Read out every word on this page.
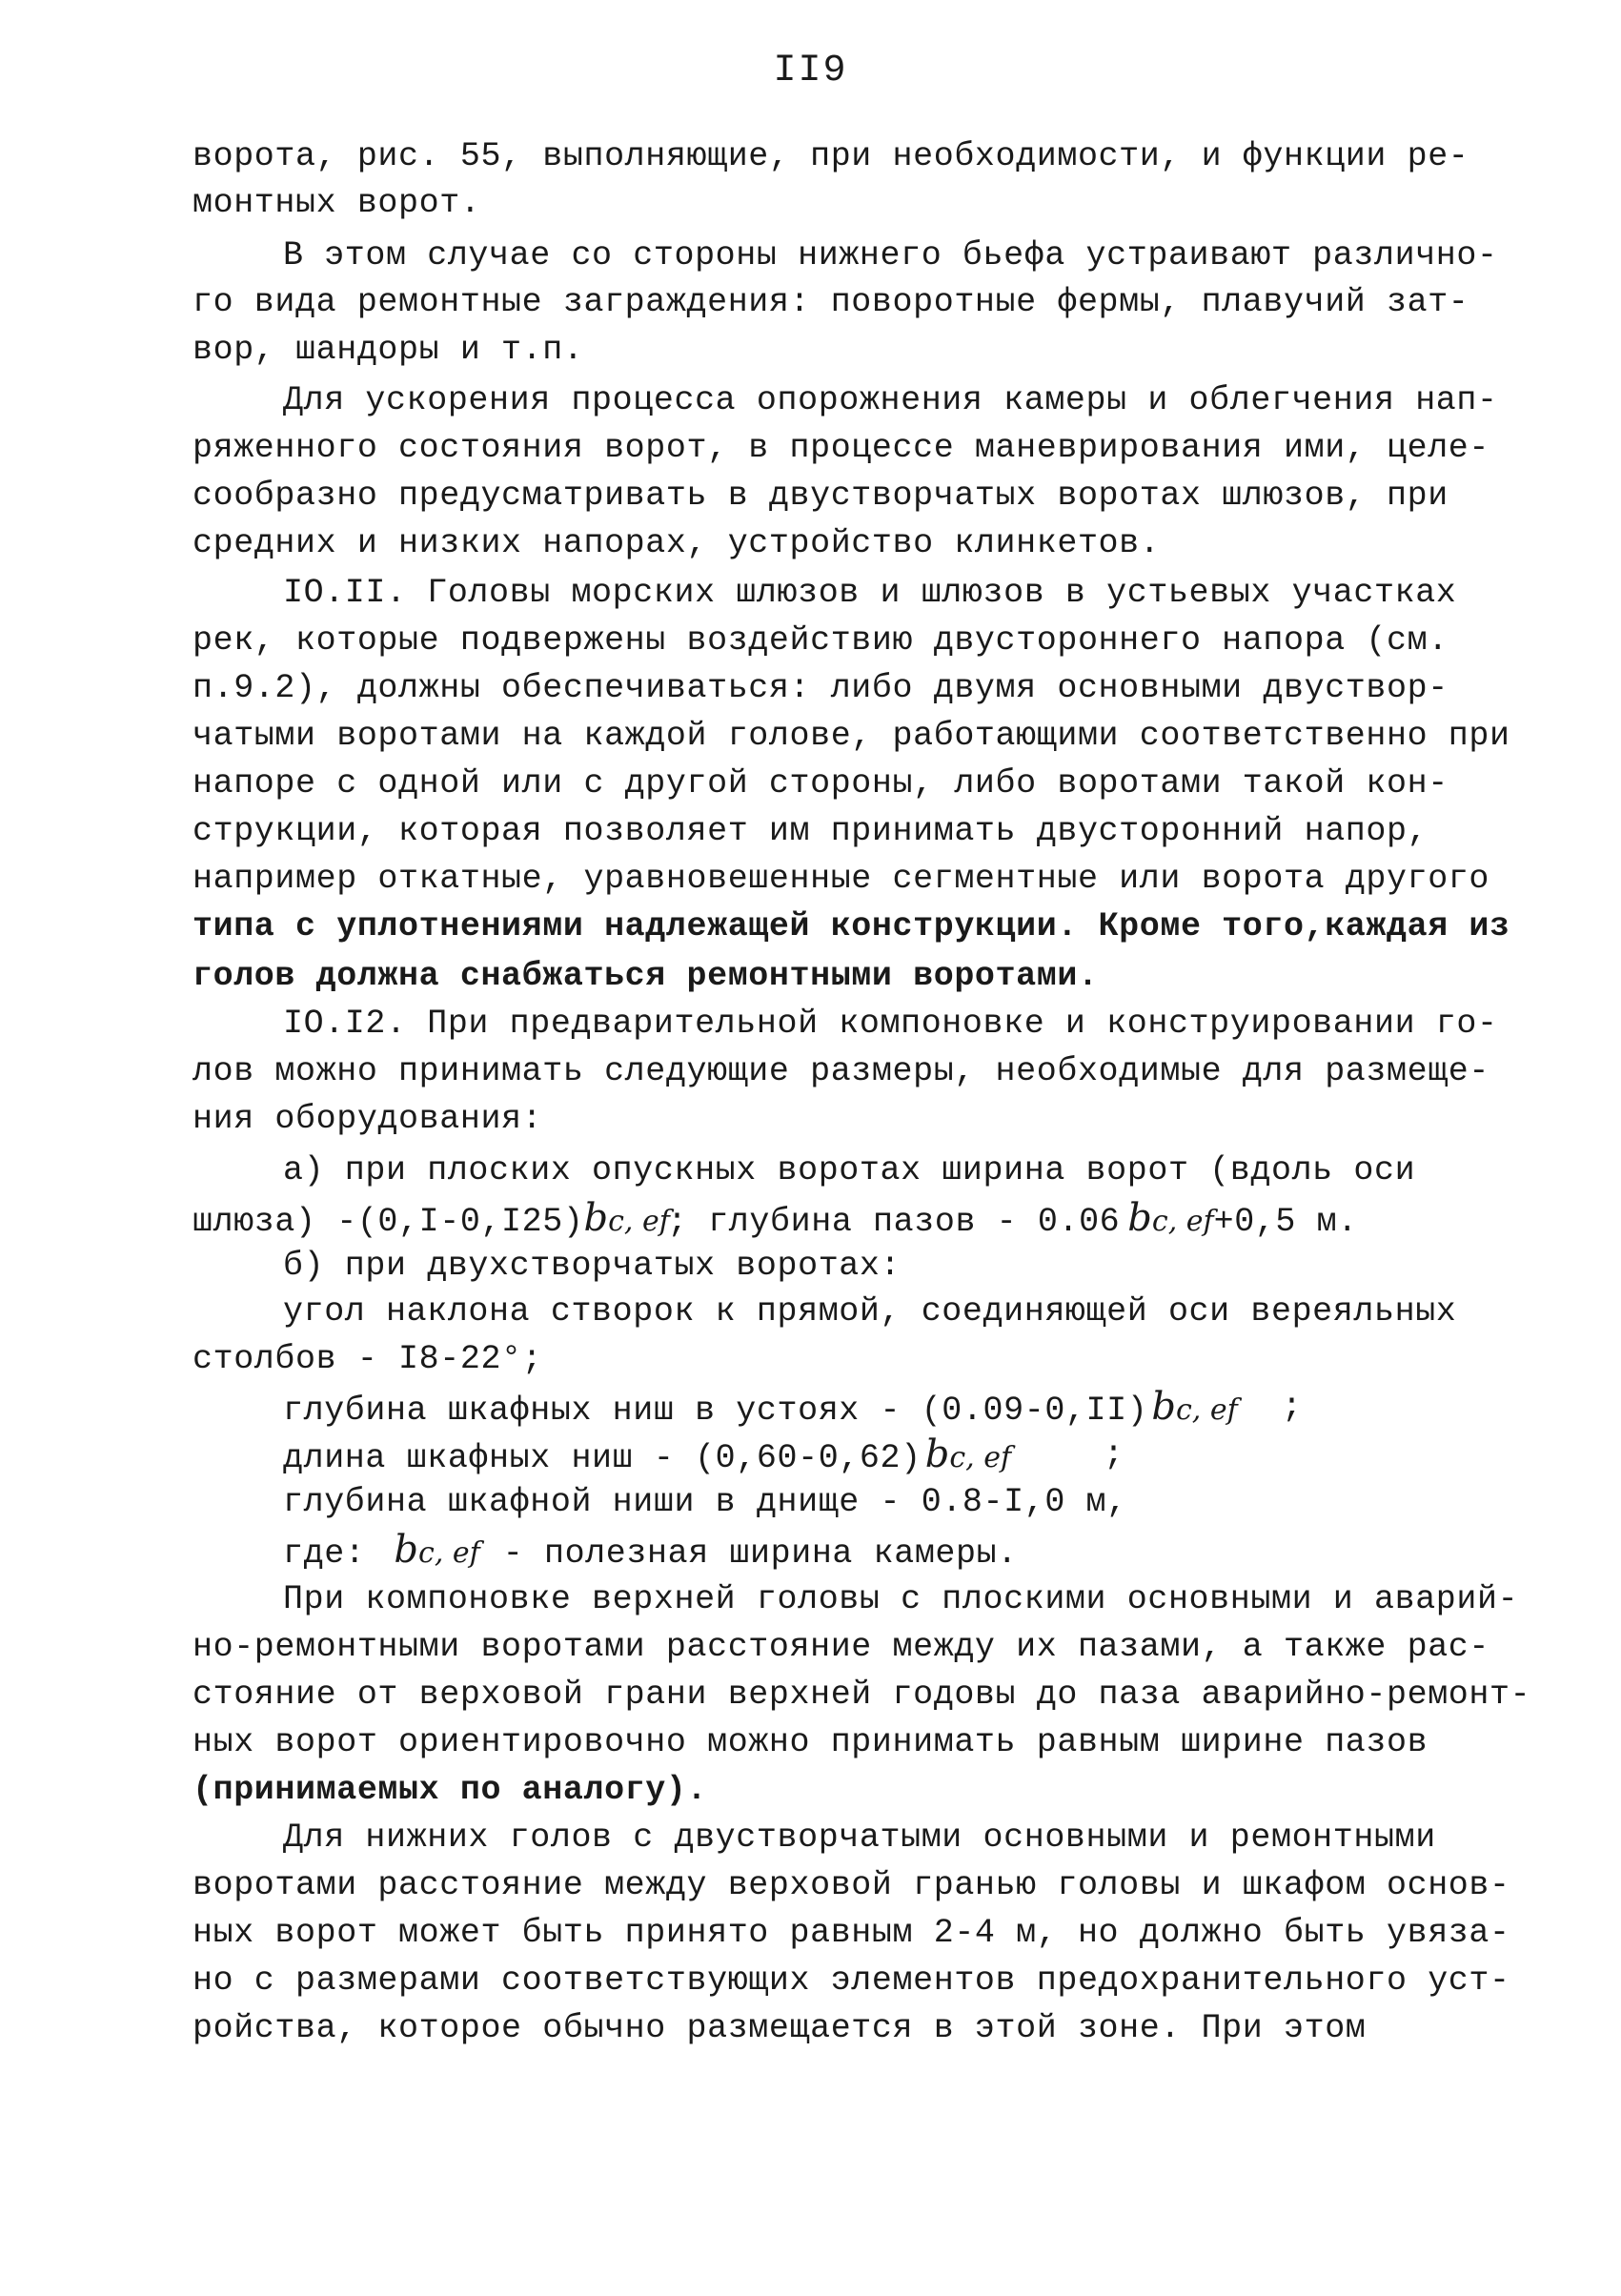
II9
ворота, рис. 55, выполняющие, при необходимости, и функции ре-
монтных ворот.
В этом случае со стороны нижнего бьефа устраивают различно-
го вида ремонтные заграждения: поворотные фермы, плавучий зат-
вор, шандоры и т.п.
Для ускорения процесса опорожнения камеры и облегчения нап-
ряженного состояния ворот, в процессе маневрирования ими, целе-
сообразно предусматривать в двустворчатых воротах шлюзов, при
средних и низких напорах, устройство клинкетов.
IO.II. Головы морских шлюзов и шлюзов в устьевых участках
рек, которые подвержены воздействию двустороннего напора (см.
п.9.2), должны обеспечиваться: либо двумя основными двуствор-
чатыми воротами на каждой голове, работающими соответственно при
напоре с одной или с другой стороны, либо воротами такой кон-
струкции, которая позволяет им принимать двусторонний напор,
например откатные, уравновешенные сегментные или ворота другого
типа с уплотнениями надлежащей конструкции. Кроме того,каждая из
голов должна снабжаться ремонтными воротами.
IO.I2. При предварительной компоновке и конструировании го-
лов можно принимать следующие размеры, необходимые для размеще-
ния оборудования:
а) при плоских опускных воротах ширина ворот (вдоль оси
шлюза) -(0,I-0,I25)bc, ef
; глубина пазов - 0.06 bc, ef+0,5 м.
б) при двухстворчатых воротах:
угол наклона створок к прямой, соединяющей оси вереяльных
столбов - I8-22°;
глубина шкафных ниш в устоях - (0.09-0,II) bc, ef ;
длина шкафных ниш - (0,60-0,62) bc, ef	;
глубина шкафной ниши в днище - 0.8-I,0 м,
где: bc, ef - полезная ширина камеры.
При компоновке верхней головы с плоскими основными и аварий-
но-ремонтными воротами расстояние между их пазами, а также рас-
стояние от верховой грани верхней годовы до паза аварийно-ремонт-
ных ворот ориентировочно можно принимать равным ширине пазов
(принимаемых по аналогу).
Для нижних голов с двустворчатыми основными и ремонтными
воротами расстояние между верховой гранью головы и шкафом основ-
ных ворот может быть принято равным 2-4 м, но должно быть увяза-
но с размерами соответствующих элементов предохранительного уст-
ройства, которое обычно размещается в этой зоне. При этом
